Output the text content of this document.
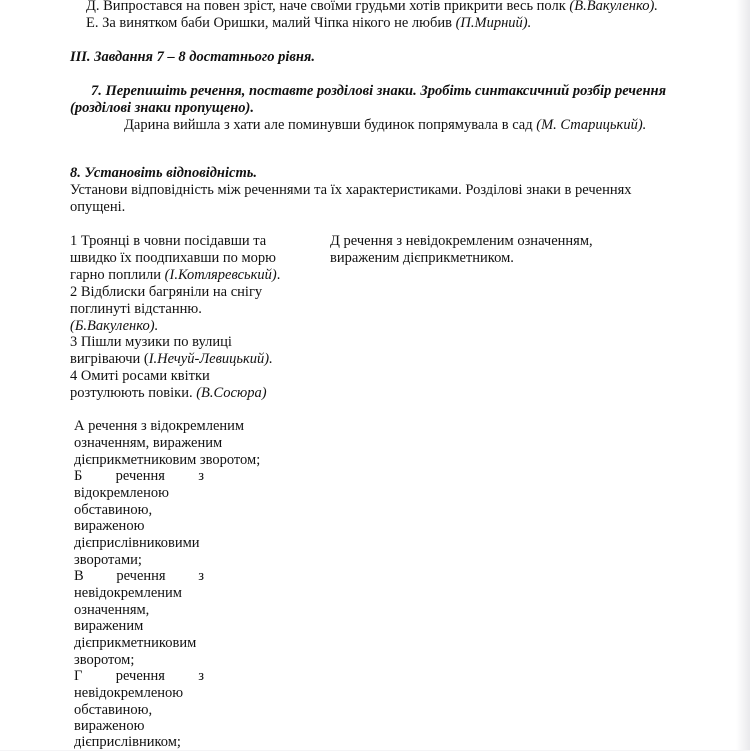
Д. Випростався на повен зріст, наче своїми грудьми хотів прикрити весь полк (В.Вакуленко).
Е. За винятком баби Оришки, малий Чіпка нікого не любив (П.Мирний).
ІІІ. Завдання 7 – 8 достатнього рівня.
7. Перепишіть речення, поставте розділові знаки. Зробіть синтаксичний розбір речення
(розділові знаки пропущено).
Дарина вийшла з хати але поминувши будинок попрямувала в сад (М. Старицький).
8. Установіть відповідність.
Установи відповідність між реченнями та їх характеристиками. Розділові знаки в реченнях
опущені.
1 Троянці в човни посідавши та
швидко їх поодпихавши по морю
гарно поплили (І.Котляревський).
2 Відблиски багряніли на снігу
поглинуті відстанню.
(Б.Вакуленко).
3 Пішли музики по вулиці
вигріваючи (І.Нечуй-Левицький).
4 Омиті росами квітки
розтулюють повіки. (В.Сосюра)
Д речення з невідокремленим означенням,
вираженим дієприкметником.
А речення з відокремленим
означенням, вираженим
дієприкметниковим зворотом;
Б речення з
відокремленою
обставиною,
вираженою
дієприслівниковими
зворотами;
В речення з
невідокремленим
означенням,
вираженим
дієприкметниковим
зворотом;
Г речення з
невідокремленою
обставиною,
вираженою
дієприслівником;
